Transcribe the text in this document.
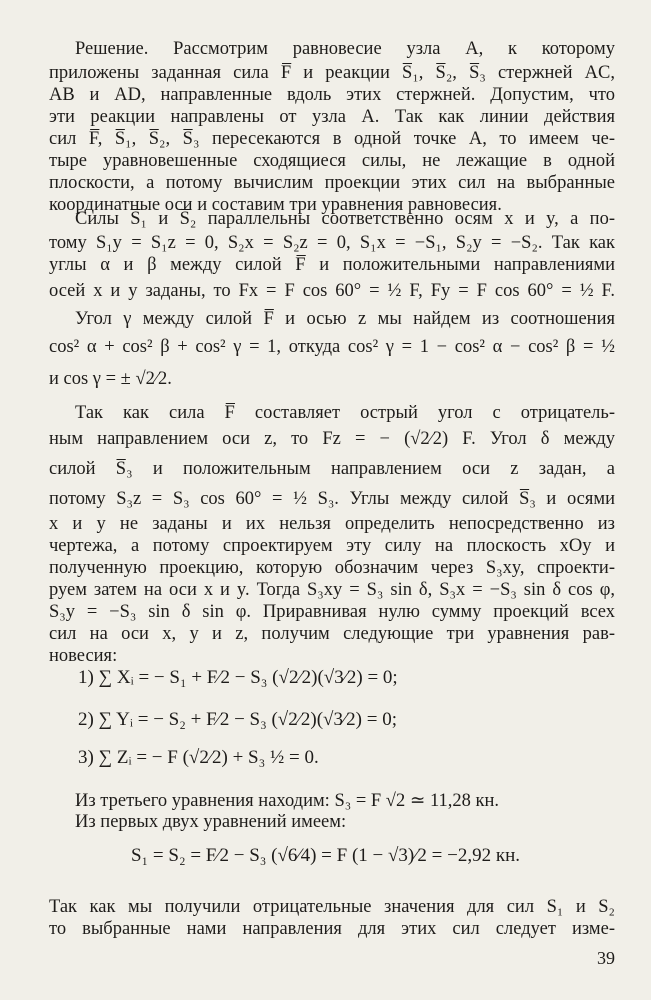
Решение. Рассмотрим равновесие узла A, к которому
приложены заданная сила F̅ и реакции S̅₁, S̅₂, S̅₃ стержней AC,
AB и AD, направленные вдоль этих стержней. Допустим, что
эти реакции направлены от узла A. Так как линии действия
сил F̅, S̅₁, S̅₂, S̅₃ пересекаются в одной точке A, то имеем че-
тыре уравновешенные сходящиеся силы, не лежащие в одной
плоскости, а потому вычислим проекции этих сил на выбранные
координатные оси и составим три уравнения равновесия.
Силы S̅₁ и S̅₂ параллельны соответственно осям x и y, а по-
тому S₁y = S₁z = 0, S₂x = S₂z = 0, S₁x = −S₁, S₂y = −S₂. Так как
углы α и β между силой F̅ и положительными направлениями
осей x и y заданы, то Fx = F cos 60° = ½ F, Fy = F cos 60° = ½ F.
Угол γ между силой F̅ и осью z мы найдем из соотношения
cos² α + cos² β + cos² γ = 1, откуда cos² γ = 1 − cos² α − cos² β = ½
и cos γ = ± √2⁄2.
Так как сила F̅ составляет острый угол с отрицатель-
ным направлением оси z, то Fz = − (√2⁄2) F. Угол δ между
силой S̅₃ и положительным направлением оси z задан, а
потому S₃z = S₃ cos 60° = ½ S₃. Углы между силой S̅₃ и осями
x и y не заданы и их нельзя определить непосредственно из
чертежа, а потому спроектируем эту силу на плоскость xOy и
полученную проекцию, которую обозначим через S₃xy, спроекти-
руем затем на оси x и y. Тогда S₃xy = S₃ sin δ, S₃x = −S₃ sin δ cos φ,
S₃y = −S₃ sin δ sin φ. Приравнивая нулю сумму проекций всех
сил на оси x, y и z, получим следующие три уравнения рав-
новесия:
1) ∑ Xᵢ = − S₁ + F⁄2 − S₃ (√2⁄2)(√3⁄2) = 0;
2) ∑ Yᵢ = − S₂ + F⁄2 − S₃ (√2⁄2)(√3⁄2) = 0;
3) ∑ Zᵢ = − F (√2⁄2) + S₃ ½ = 0.
Из третьего уравнения находим: S₃ = F √2 ≃ 11,28 кн.
Из первых двух уравнений имеем:
S₁ = S₂ = F⁄2 − S₃ (√6⁄4) = F (1 − √3)⁄2 = −2,92 кн.
Так как мы получили отрицательные значения для сил S₁ и S₂
то выбранные нами направления для этих сил следует изме-
39
